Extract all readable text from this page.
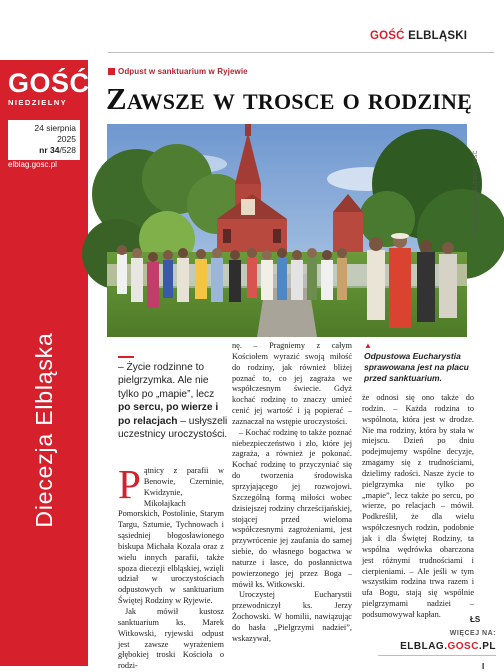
GOŚĆ ELBLĄSKI
GOŚĆ
NIEDZIELNY
24 sierpnia
2025
nr 34/528
elblag.gosc.pl
Diecezja Elbląska
Odpust w sanktuarium w Ryjewie
Zawsze w trosce o rodzinę
ŁUKASZ WANDZEL/FOTO GOŚĆ
▲
Odpustowa Eucharystia sprawowana jest na placu przed sanktuarium.
– Życie rodzinne to pielgrzymka. Ale nie tylko po „mapie”, lecz po sercu, po wierze i po relacjach – usłyszeli uczestnicy uroczystości.

Pątnicy z parafii w Benowie, Czerninie, Kwidzynie, Mikołajkach Pomorskich, Postolinie, Starym Targu, Sztumie, Tychnowach i sąsiedniej błogosławionego biskupa Michała Kozala oraz z wielu innych parafii, także spoza diecezji elbląskiej, wzięli udział w uroczystościach odpustowych w sanktuarium Świętej Rodziny w Ryjewie.

Jak mówił kustosz sanktuarium ks. Marek Witkowski, ryjewski odpust jest zawsze wyrażeniem głębokiej troski Kościoła o rodzi-

nę. – Pragniemy z całym Kościołem wyrazić swoją miłość do rodziny, jak również bliżej poznać to, co jej zagraża we współczesnym świecie. Gdyż kochać rodzinę to znaczy umieć cenić jej wartość i ją popierać – zaznaczał na wstępie uroczystości.

– Kochać rodzinę to także poznać niebezpieczeństwo i zło, które jej zagraża, a również je pokonać. Kochać rodzinę to przyczyniać się do tworzenia środowiska sprzyjającego jej rozwojowi. Szczególną formą miłości wobec dzisiejszej rodziny chrześcijańskiej, stojącej przed wieloma współczesnymi zagrożeniami, jest przywrócenie jej zaufania do samej siebie, do własnego bogactwa w naturze i łasce, do posłannictwa powierzonego jej przez Boga – mówił ks. Witkowski.

Uroczystej Eucharystii przewodniczył ks. Jerzy Żochowski. W homilii, nawiązując do hasła „Pielgrzymi nadziei”, wskazywał,

że odnosi się ono także do rodzin. – Każda rodzina to wspólnota, która jest w drodze. Nie ma rodziny, która by stała w miejscu. Dzień po dniu podejmujemy wspólne decyzje, zmagamy się z trudnościami, dzielimy radości. Nasze życie to pielgrzymka nie tylko po „mapie”, lecz także po sercu, po wierze, po relacjach – mówił. Podkreślił, że dla wielu współczesnych rodzin, podobnie jak i dla Świętej Rodziny, ta wspólna wędrówka obarczona jest różnymi trudnościami i cierpieniami. – Ale jeśli w tym wszystkim rodzina trwa razem i ufa Bogu, stają się wspólnie pielgrzymami nadziei – podsumowywał kapłan.

ŁS
WIĘCEJ NA:
ELBLAG.GOSC.PL
I
